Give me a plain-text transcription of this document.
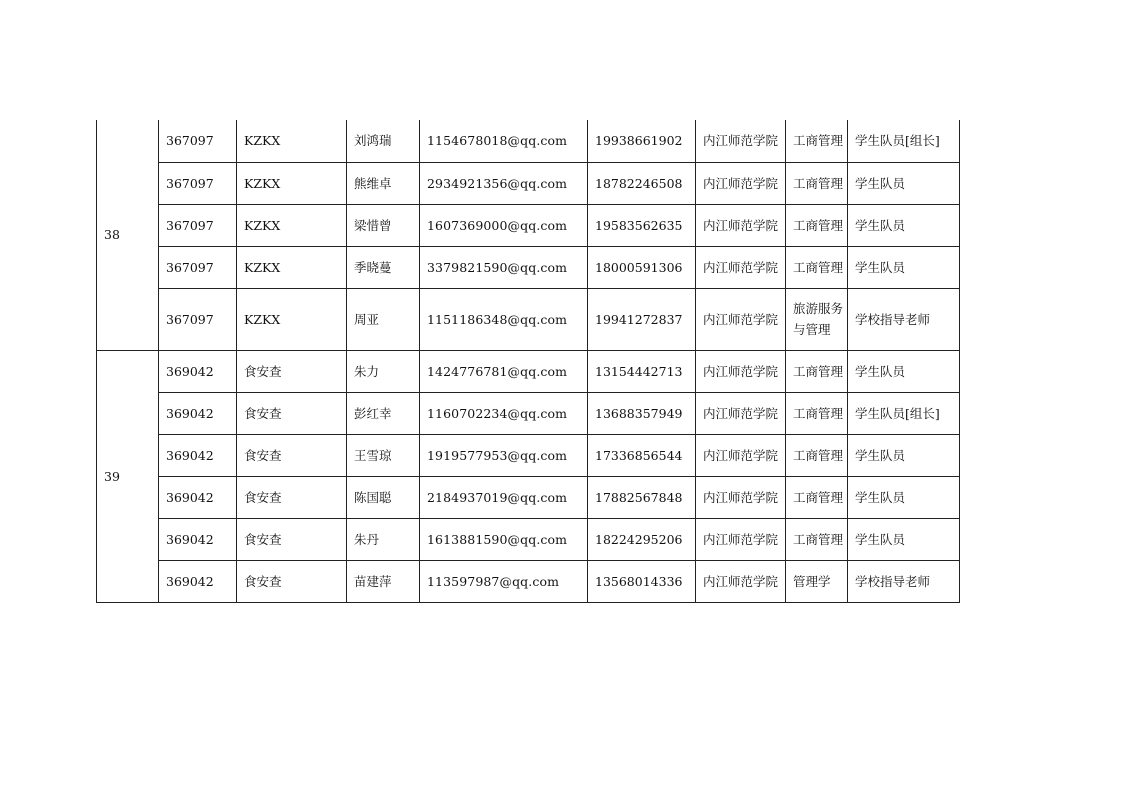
38	367097	KZKX	刘鸿瑞	1154678018@qq.com	19938661902	内江师范学院	工商管理	学生队员[组长]
	367097	KZKX	熊维卓	2934921356@qq.com	18782246508	内江师范学院	工商管理	学生队员
	367097	KZKX	梁惜曾	1607369000@qq.com	19583562635	内江师范学院	工商管理	学生队员
	367097	KZKX	季晓蔓	3379821590@qq.com	18000591306	内江师范学院	工商管理	学生队员
	367097	KZKX	周亚	1151186348@qq.com	19941272837	内江师范学院	旅游服务与管理	学校指导老师
39	369042	食安查	朱力	1424776781@qq.com	13154442713	内江师范学院	工商管理	学生队员
	369042	食安查	彭红幸	1160702234@qq.com	13688357949	内江师范学院	工商管理	学生队员[组长]
	369042	食安查	王雪琼	1919577953@qq.com	17336856544	内江师范学院	工商管理	学生队员
	369042	食安查	陈国聪	2184937019@qq.com	17882567848	内江师范学院	工商管理	学生队员
	369042	食安查	朱丹	1613881590@qq.com	18224295206	内江师范学院	工商管理	学生队员
	369042	食安查	苗建萍	113597987@qq.com	13568014336	内江师范学院	管理学	学校指导老师
